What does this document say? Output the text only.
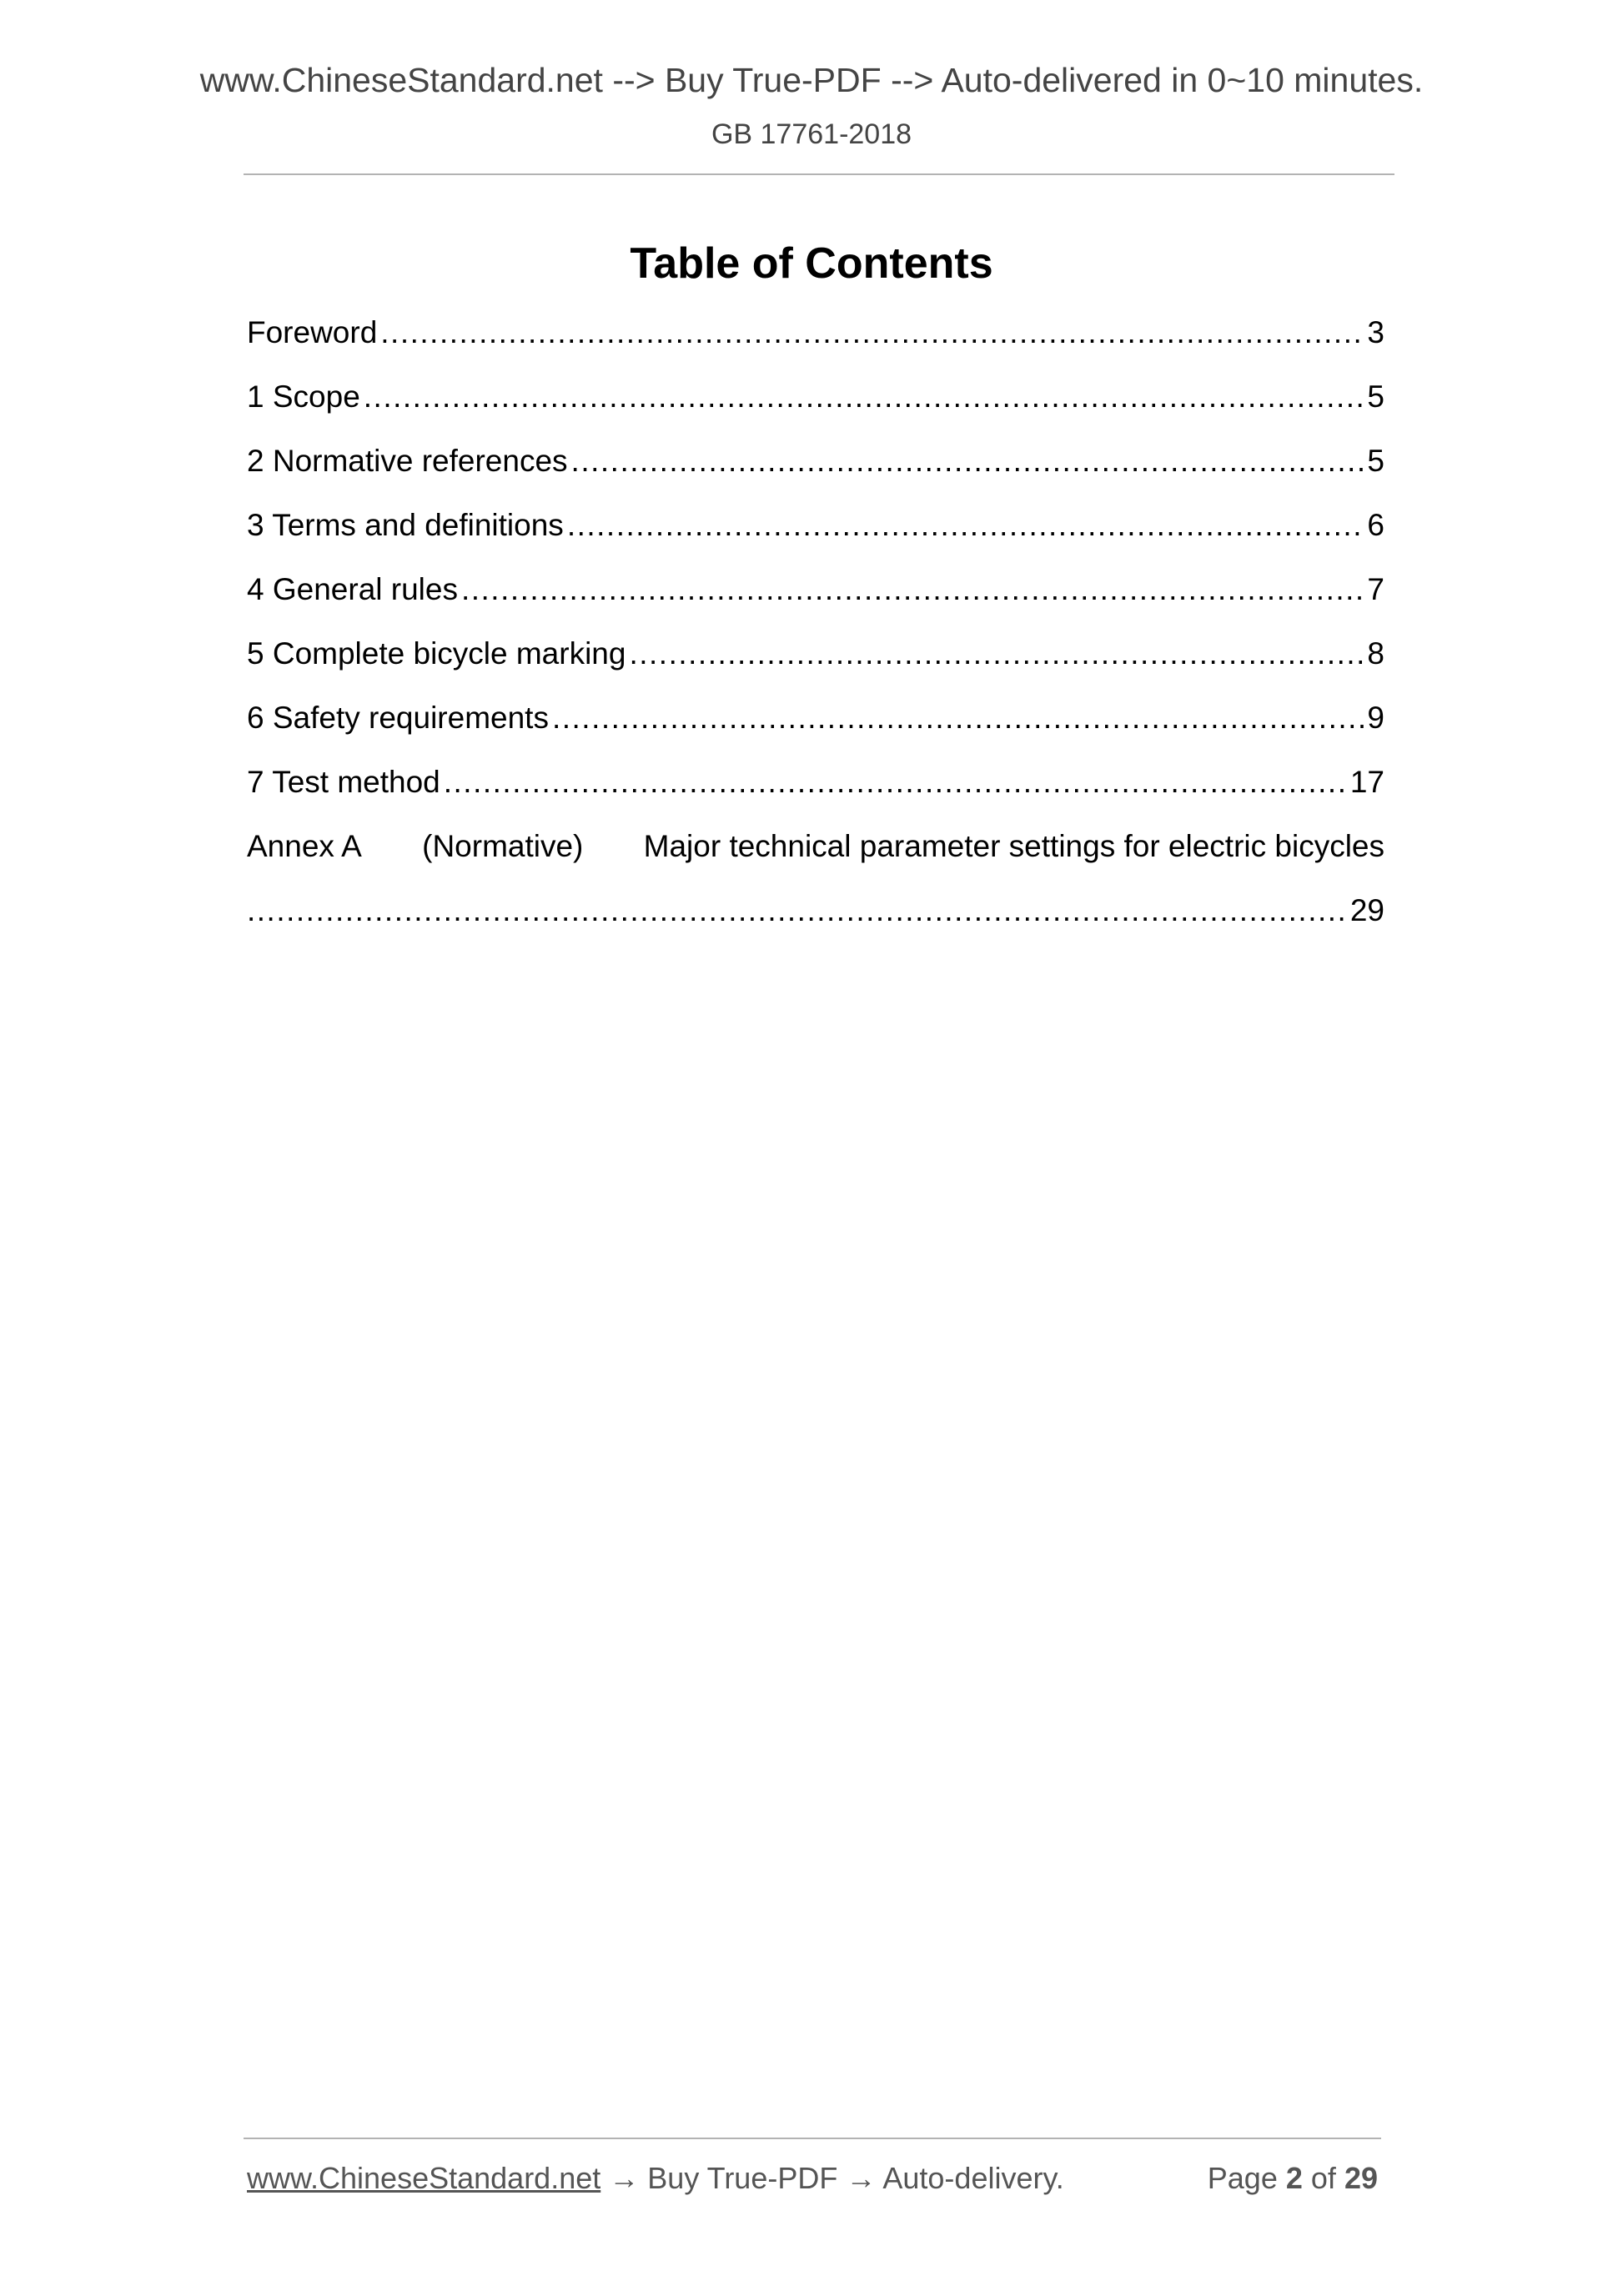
www.ChineseStandard.net --> Buy True-PDF --> Auto-delivered in 0~10 minutes.
GB 17761-2018
Table of Contents
Foreword .....	3
1 Scope .....	5
2 Normative references .....	5
3 Terms and definitions .....	6
4 General rules .....	7
5 Complete bicycle marking .....	8
6 Safety requirements .....	9
7 Test method .....	17
Annex A (Normative) Major technical parameter settings for electric bicycles
.....
29
www.ChineseStandard.net → Buy True-PDF → Auto-delivery.	Page 2 of 29
